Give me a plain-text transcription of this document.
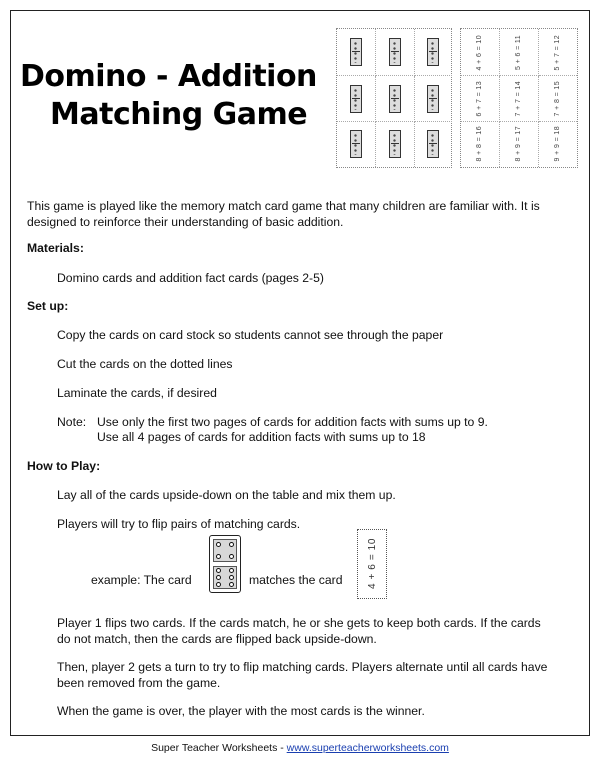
Domino - Addition
Matching Game
4 + 6 = 10	5 + 6 = 11	5 + 7 = 12
6 + 7 = 13	7 + 7 = 14	7 + 8 = 15
8 + 8 = 16	8 + 9 = 17	9 + 9 = 18
This game is played like the memory match card game that many children are familiar with. It is designed to reinforce their understanding of basic addition.
Materials:
Domino cards and addition fact cards (pages 2-5)
Set up:
Copy the cards on card stock so students cannot see through the paper
Cut the cards on the dotted lines
Laminate the cards, if desired
Note: Use only the first two pages of cards for addition facts with sums up to 9.
Use all 4 pages of cards for addition facts with sums up to 18
How to Play:
Lay all of the cards upside-down on the table and mix them up.
Players will try to flip pairs of matching cards.
example: The card	matches the card 4 + 6 = 10
Player 1 flips two cards. If the cards match, he or she gets to keep both cards. If the cards
do not match, then the cards are flipped back upside-down.
Then, player 2 gets a turn to try to flip matching cards. Players alternate until all cards have
been removed from the game.
When the game is over, the player with the most cards is the winner.
Super Teacher Worksheets - www.superteacherworksheets.com
